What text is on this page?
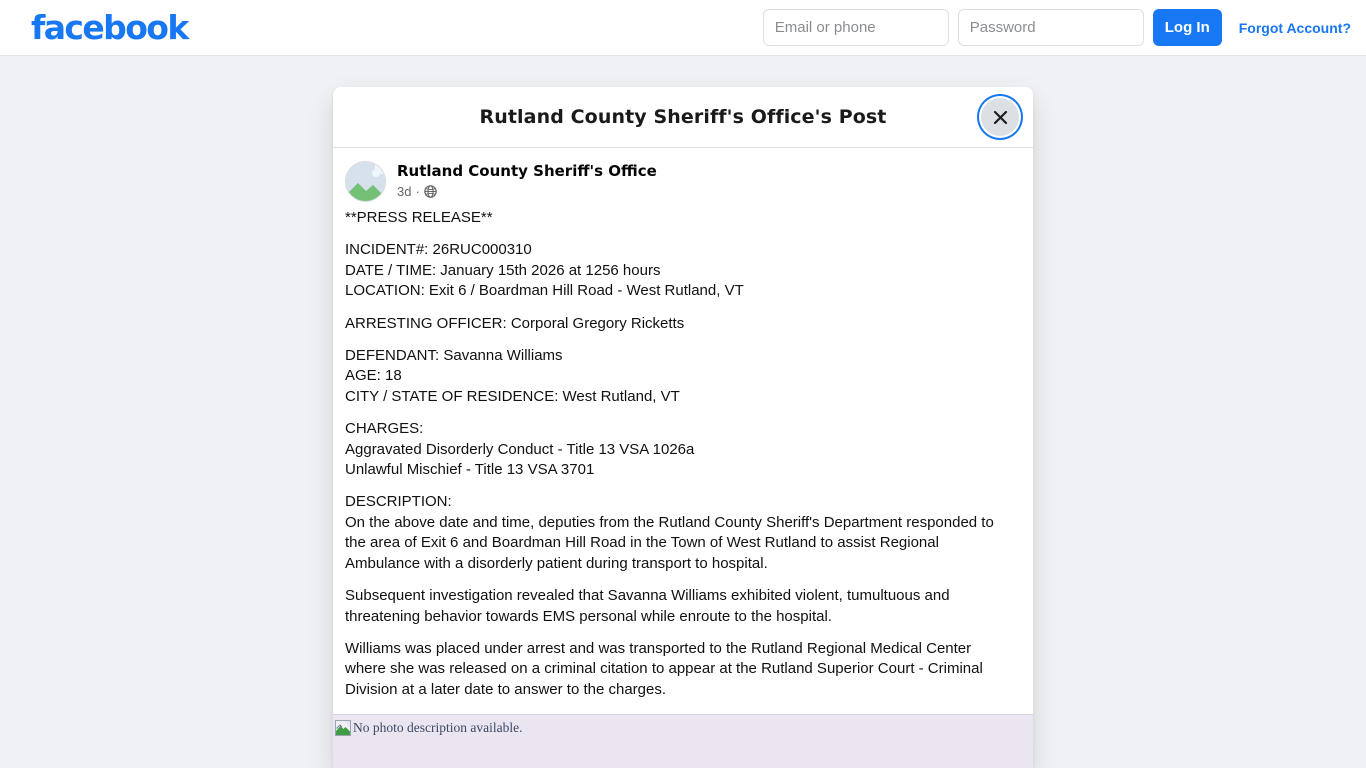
facebook
Email or phone	Log In	Forgot Account?
Rutland County Sheriff's Office's Post
Rutland County Sheriff's Office
3d ·

**PRESS RELEASE**

INCIDENT#: 26RUC000310
DATE / TIME: January 15th 2026 at 1256 hours
LOCATION: Exit 6 / Boardman Hill Road - West Rutland, VT

ARRESTING OFFICER: Corporal Gregory Ricketts

DEFENDANT: Savanna Williams
AGE: 18
CITY / STATE OF RESIDENCE: West Rutland, VT

CHARGES:
Aggravated Disorderly Conduct - Title 13 VSA 1026a
Unlawful Mischief - Title 13 VSA 3701

DESCRIPTION:
On the above date and time, deputies from the Rutland County Sheriff's Department responded to the area of Exit 6 and Boardman Hill Road in the Town of West Rutland to assist Regional Ambulance with a disorderly patient during transport to hospital.

Subsequent investigation revealed that Savanna Williams exhibited violent, tumultuous and threatening behavior towards EMS personal while enroute to the hospital.

Williams was placed under arrest and was transported to the Rutland Regional Medical Center where she was released on a criminal citation to appear at the Rutland Superior Court - Criminal Division at a later date to answer to the charges.

No photo description available.
